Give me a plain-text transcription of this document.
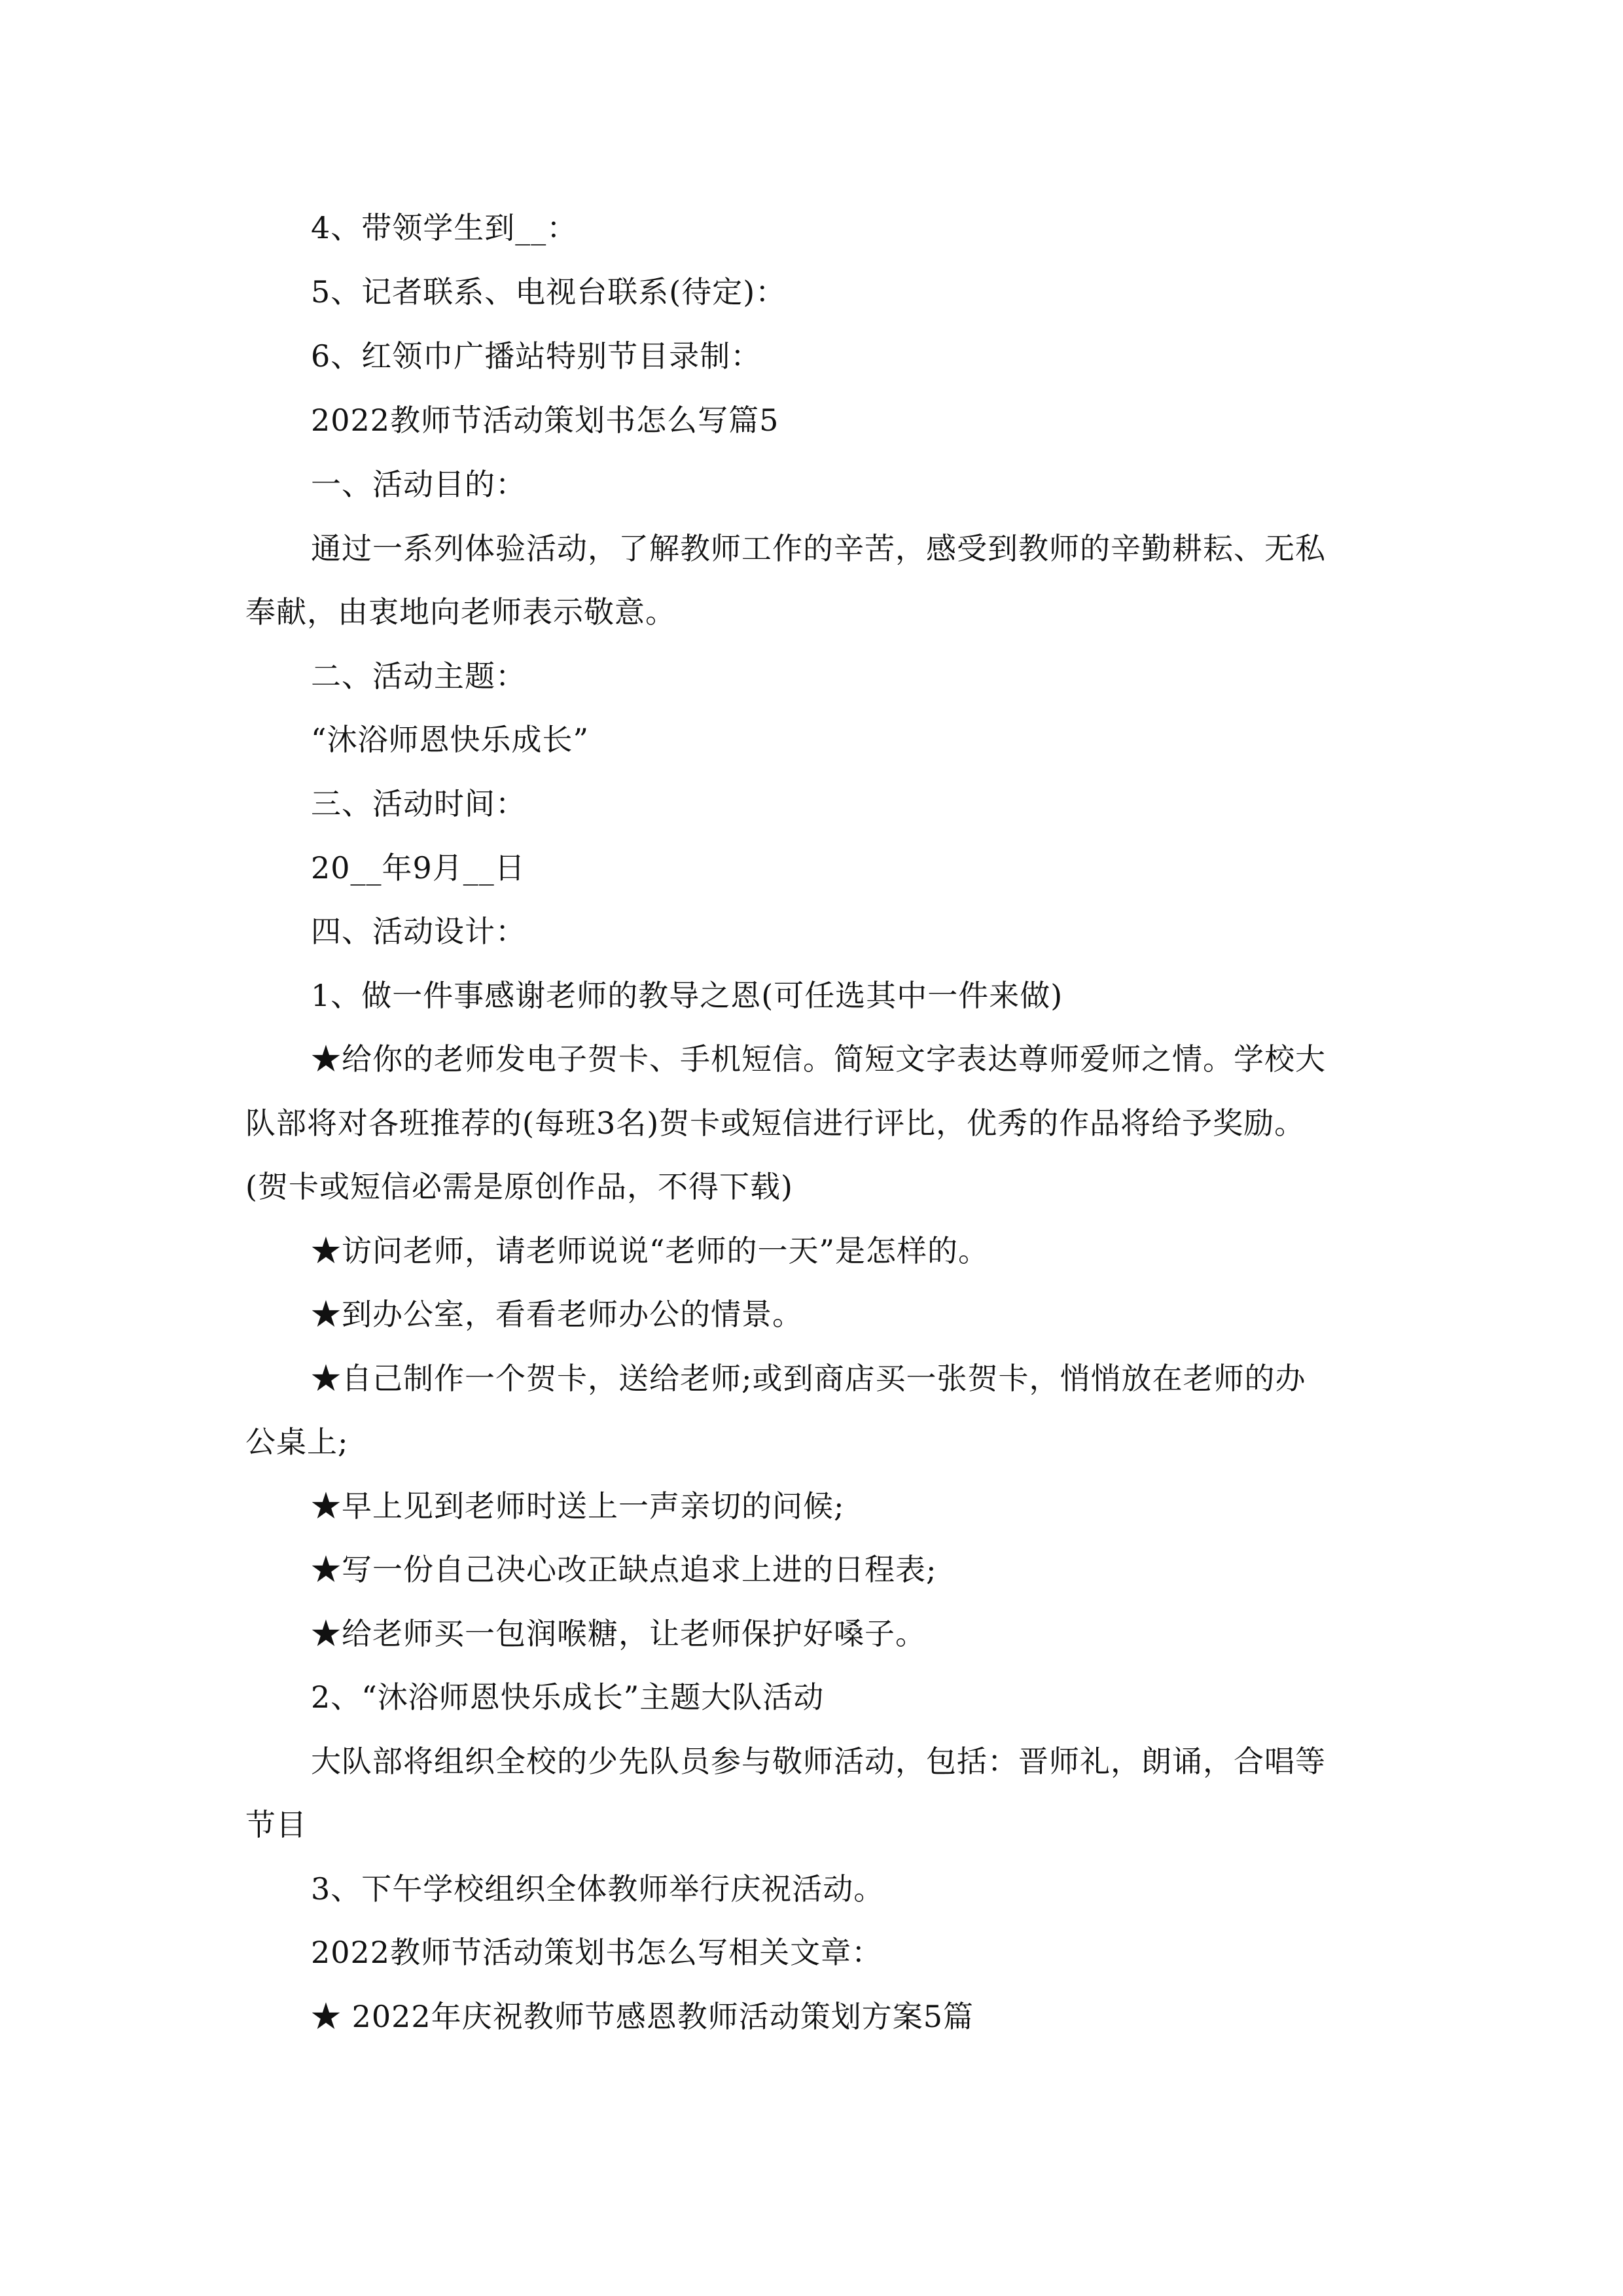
4、带领学生到__：
5、记者联系、电视台联系(待定)：
6、红领巾广播站特别节目录制：
2022教师节活动策划书怎么写篇5
一、活动目的：
通过一系列体验活动，了解教师工作的辛苦，感受到教师的辛勤耕耘、无私
奉献，由衷地向老师表示敬意。
二、活动主题：
“沐浴师恩快乐成长”
三、活动时间：
20__年9月__日
四、活动设计：
1、做一件事感谢老师的教导之恩(可任选其中一件来做)
★给你的老师发电子贺卡、手机短信。简短文字表达尊师爱师之情。学校大
队部将对各班推荐的(每班3名)贺卡或短信进行评比，优秀的作品将给予奖励。
(贺卡或短信必需是原创作品，不得下载)
★访问老师，请老师说说“老师的一天”是怎样的。
★到办公室，看看老师办公的情景。
★自己制作一个贺卡，送给老师;或到商店买一张贺卡，悄悄放在老师的办
公桌上;
★早上见到老师时送上一声亲切的问候;
★写一份自己决心改正缺点追求上进的日程表;
★给老师买一包润喉糖，让老师保护好嗓子。
2、“沐浴师恩快乐成长”主题大队活动
大队部将组织全校的少先队员参与敬师活动，包括：晋师礼，朗诵，合唱等
节目
3、下午学校组织全体教师举行庆祝活动。
2022教师节活动策划书怎么写相关文章：
★ 2022年庆祝教师节感恩教师活动策划方案5篇
